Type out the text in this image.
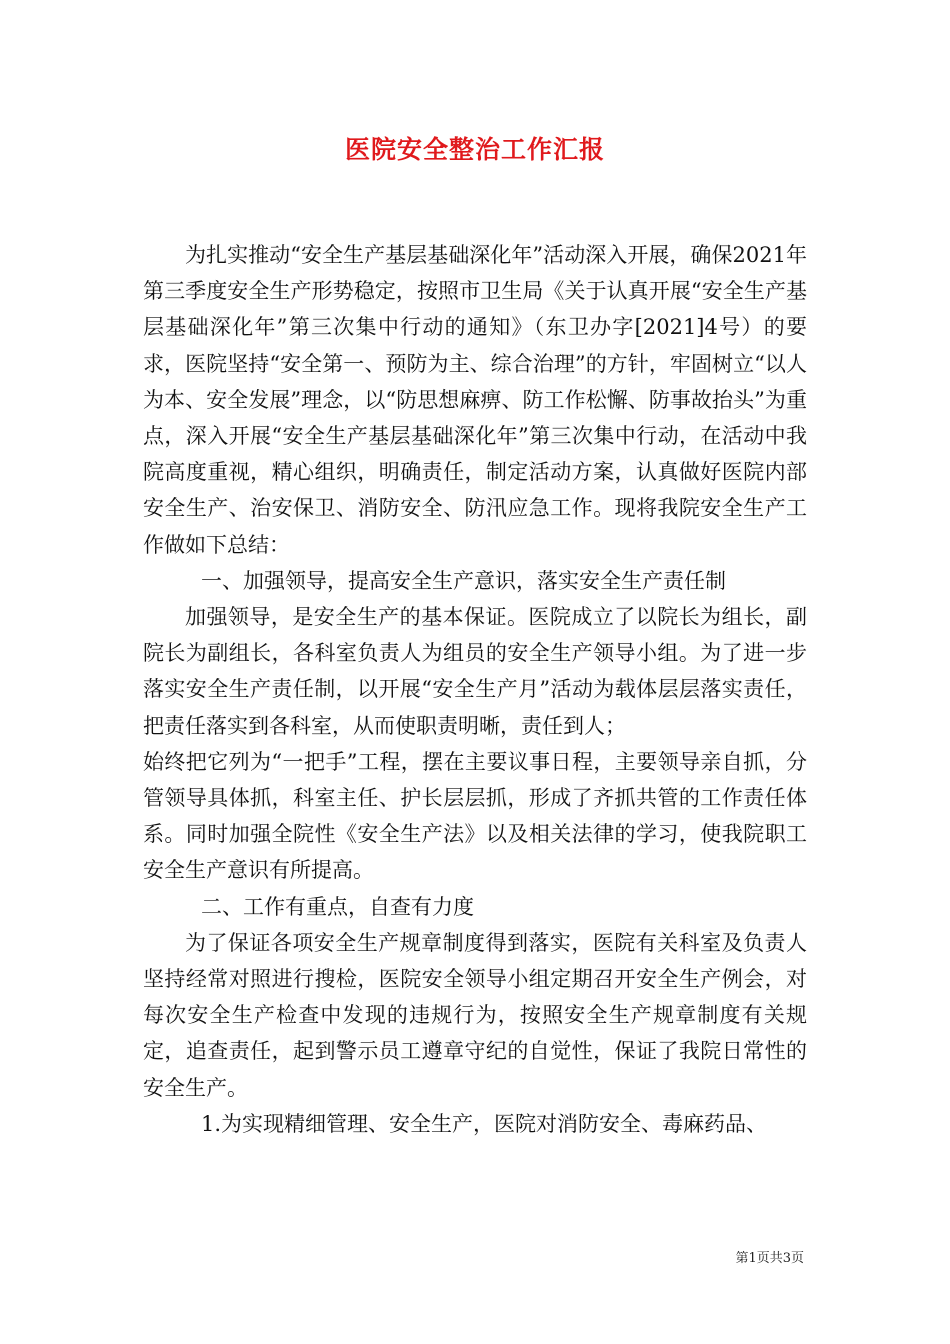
医院安全整治工作汇报

为扎实推动“安全生产基层基础深化年”活动深入开展，确保2021年第三季度安全生产形势稳定，按照市卫生局《关于认真开展“安全生产基层基础深化年”第三次集中行动的通知》（东卫办字[2021]4号）的要求，医院坚持“安全第一、预防为主、综合治理”的方针，牢固树立“以人为本、安全发展”理念，以“防思想麻痹、防工作松懈、防事故抬头”为重点，深入开展“安全生产基层基础深化年”第三次集中行动，在活动中我院高度重视，精心组织，明确责任，制定活动方案，认真做好医院内部安全生产、治安保卫、消防安全、防汛应急工作。现将我院安全生产工作做如下总结：

一、加强领导，提高安全生产意识，落实安全生产责任制

加强领导，是安全生产的基本保证。医院成立了以院长为组长，副院长为副组长，各科室负责人为组员的安全生产领导小组。为了进一步落实安全生产责任制，以开展“安全生产月”活动为载体层层落实责任，把责任落实到各科室，从而使职责明晰，责任到人；

始终把它列为“一把手”工程，摆在主要议事日程，主要领导亲自抓，分管领导具体抓，科室主任、护长层层抓，形成了齐抓共管的工作责任体系。同时加强全院性《安全生产法》以及相关法律的学习，使我院职工安全生产意识有所提高。

二、工作有重点，自查有力度

为了保证各项安全生产规章制度得到落实，医院有关科室及负责人坚持经常对照进行搜检，医院安全领导小组定期召开安全生产例会，对每次安全生产检查中发现的违规行为，按照安全生产规章制度有关规定，追查责任，起到警示员工遵章守纪的自觉性，保证了我院日常性的安全生产。

1.为实现精细管理、安全生产，医院对消防安全、毒麻药品、

第1页共3页
